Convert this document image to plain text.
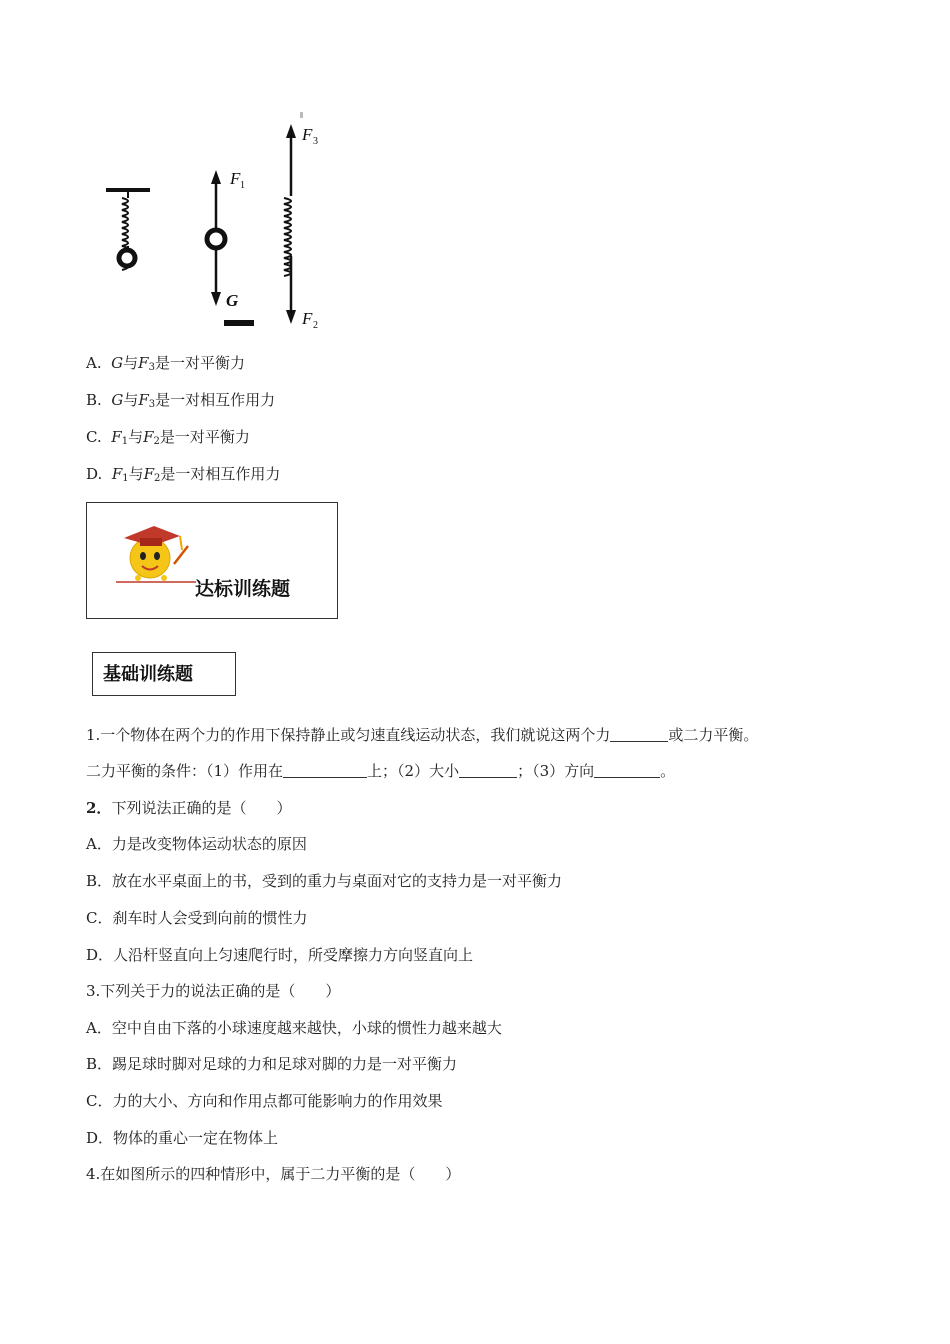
F 1
G
F 3
F 2
A. G与$F_3$是一对平衡力
B. G与$F_3$是一对相互作用力
C. $F_1$与$F_2$是一对平衡力
D. $F_1$与$F_2$是一对相互作用力
达标训练题
基础训练题
1.一个物体在两个力的作用下保持静止或匀速直线运动状态，我们就说这两个力	或二力平衡。
二力平衡的条件：（1）作用在	上；（2）大小	；（3）方向	。
2．下列说法正确的是（　　）
A．力是改变物体运动状态的原因
B．放在水平桌面上的书，受到的重力与桌面对它的支持力是一对平衡力
C．刹车时人会受到向前的惯性力
D．人沿杆竖直向上匀速爬行时，所受摩擦力方向竖直向上
3.下列关于力的说法正确的是（　　）
A．空中自由下落的小球速度越来越快，小球的惯性力越来越大
B．踢足球时脚对足球的力和足球对脚的力是一对平衡力
C．力的大小、方向和作用点都可能影响力的作用效果
D．物体的重心一定在物体上
4.在如图所示的四种情形中，属于二力平衡的是（　　）
